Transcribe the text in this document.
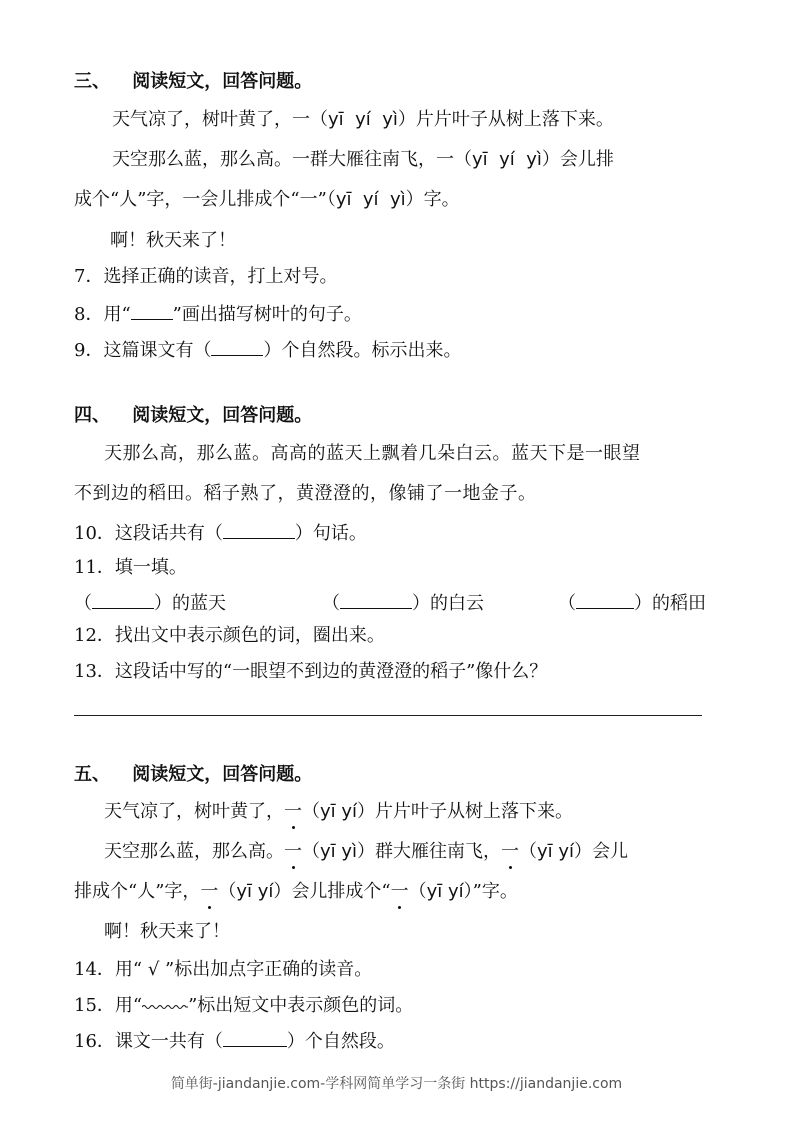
三、 阅读短文，回答问题。
天气凉了，树叶黄了，一（yī  yí  yì）片片叶子从树上落下来。
天空那么蓝，那么高。一群大雁往南飞，一（yī  yí  yì）会儿排
成个“人”字，一会儿排成个“一”（yī  yí  yì）字。
啊！秋天来了！
7．选择正确的读音，打上对号。
8．用“ ”画出描写树叶的句子。
9．这篇课文有（	）个自然段。标示出来。
四、 阅读短文，回答问题。
天那么高，那么蓝。高高的蓝天上飘着几朵白云。蓝天下是一眼望
不到边的稻田。稻子熟了，黄澄澄的，像铺了一地金子。
10．这段话共有（	）句话。
11．填一填。
（	）的蓝天	（	）的白云	（	）的稻田
12．找出文中表示颜色的词，圈出来。
13．这段话中写的“一眼望不到边的黄澄澄的稻子”像什么？
五、 阅读短文，回答问题。
天气凉了，树叶黄了，一（yī yí）片片叶子从树上落下来。
天空那么蓝，那么高。一（yī yì）群大雁往南飞，一（yī yí）会儿
排成个“人”字，一（yī yí）会儿排成个“一（yī yí）”字。
啊！秋天来了！
14．用“ √ ”标出加点字正确的读音。
15．用“	”标出短文中表示颜色的词。
16．课文一共有（	）个自然段。
简单街-jiandanjie.com-学科网简单学习一条街 https://jiandanjie.com
